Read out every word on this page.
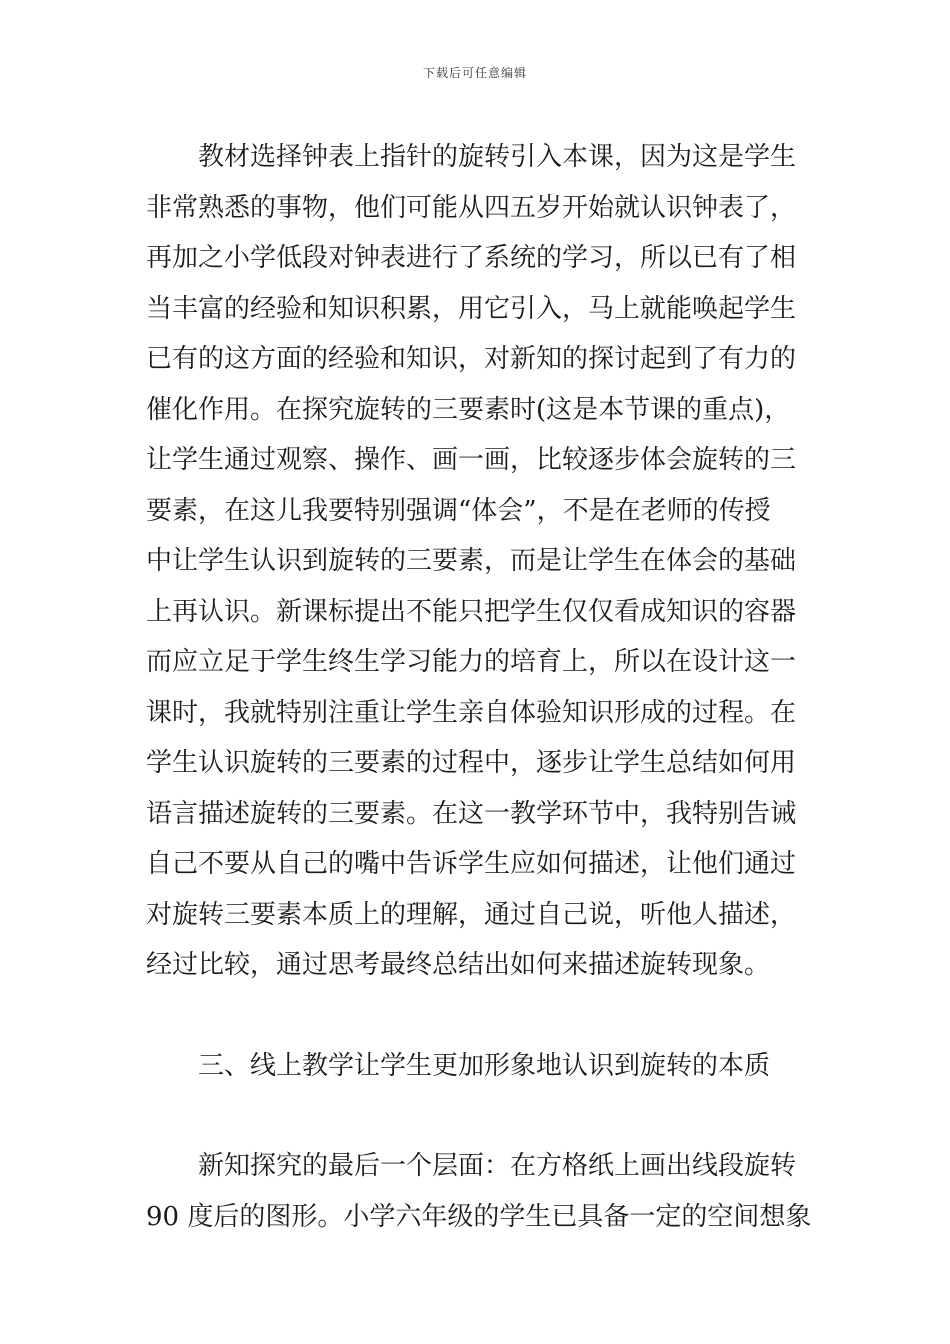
下载后可任意编辑
教材选择钟表上指针的旋转引入本课，因为这是学生
非常熟悉的事物，他们可能从四五岁开始就认识钟表了，
再加之小学低段对钟表进行了系统的学习，所以已有了相
当丰富的经验和知识积累，用它引入，马上就能唤起学生
已有的这方面的经验和知识，对新知的探讨起到了有力的
催化作用。在探究旋转的三要素时(这是本节课的重点)，
让学生通过观察、操作、画一画，比较逐步体会旋转的三
要素，在这儿我要特别强调“体会”，不是在老师的传授
中让学生认识到旋转的三要素，而是让学生在体会的基础
上再认识。新课标提出不能只把学生仅仅看成知识的容器
而应立足于学生终生学习能力的培育上，所以在设计这一
课时，我就特别注重让学生亲自体验知识形成的过程。在
学生认识旋转的三要素的过程中，逐步让学生总结如何用
语言描述旋转的三要素。在这一教学环节中，我特别告诫
自己不要从自己的嘴中告诉学生应如何描述，让他们通过
对旋转三要素本质上的理解，通过自己说，听他人描述，
经过比较，通过思考最终总结出如何来描述旋转现象。
三、线上教学让学生更加形象地认识到旋转的本质
新知探究的最后一个层面：在方格纸上画出线段旋转
90 度后的图形。小学六年级的学生已具备一定的空间想象
